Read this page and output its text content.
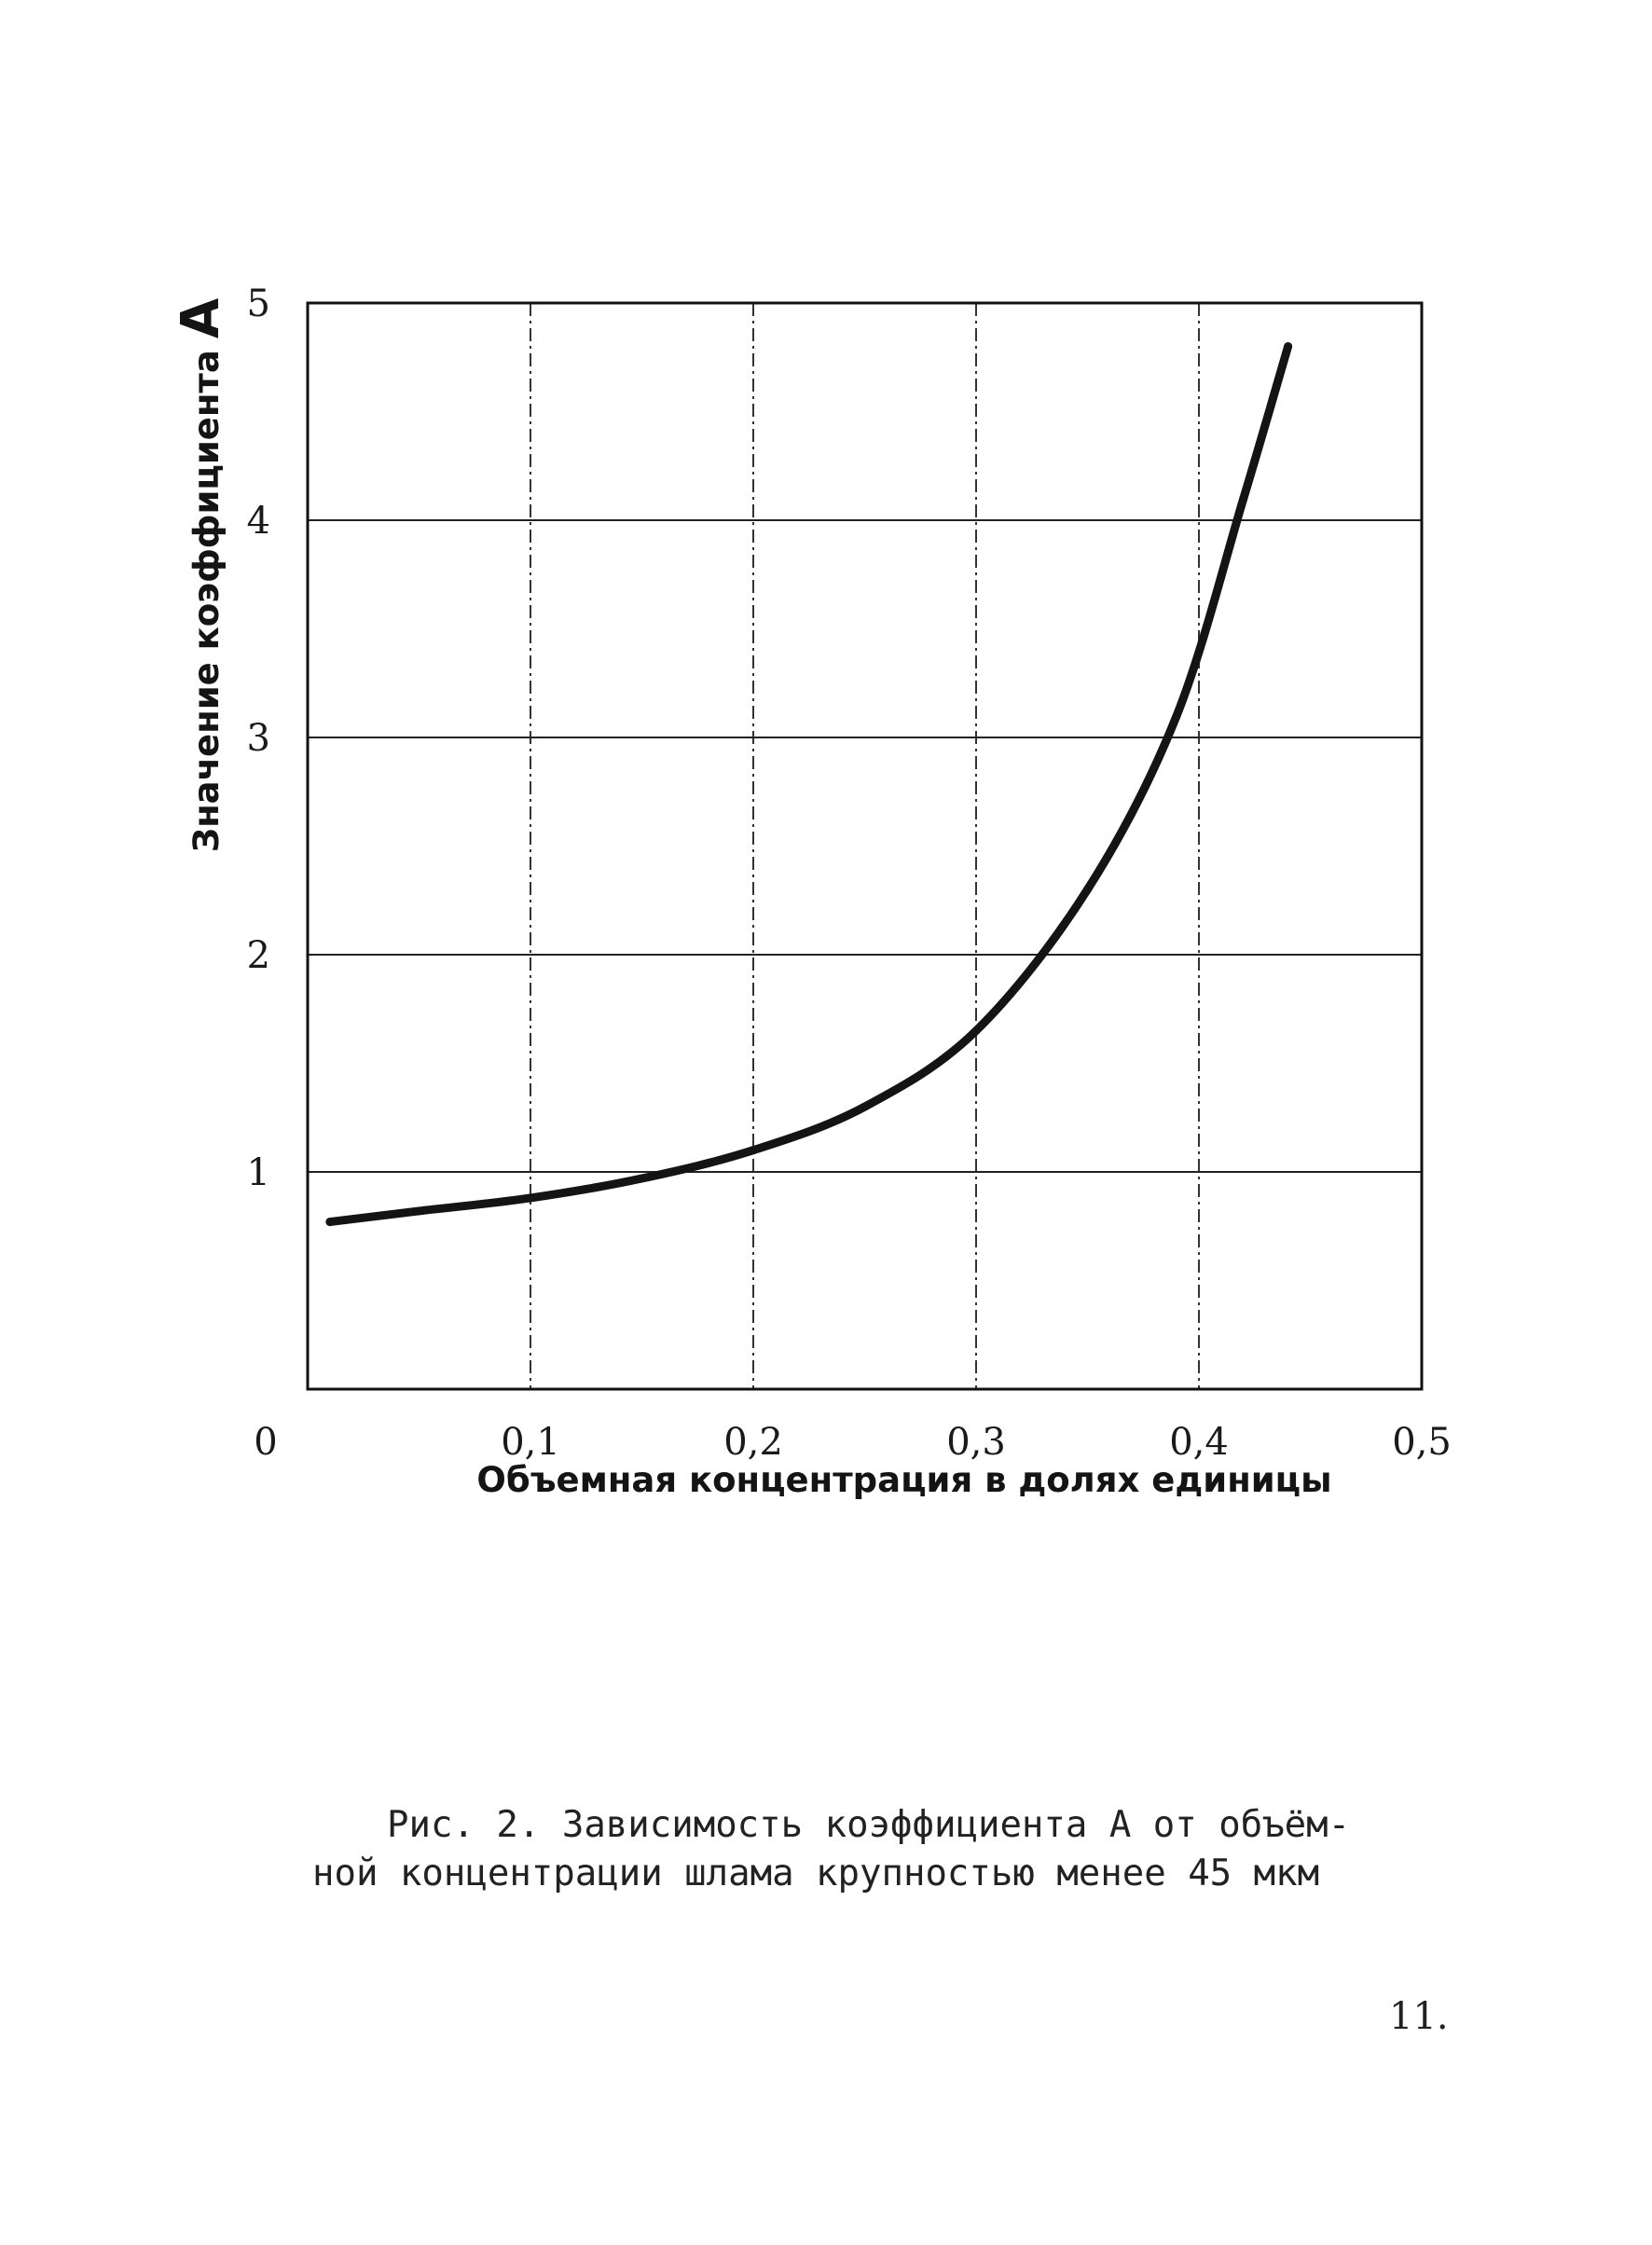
0	0,1	0,2	0,3	0,4	0,5
1
2
3
4
5
Объемная концентрация в долях единицы
Значение коэффициентаA

Рис. 2. Зависимость коэффициента A от объём-
ной концентрации шлама крупностью менее 45 мкм

11.
